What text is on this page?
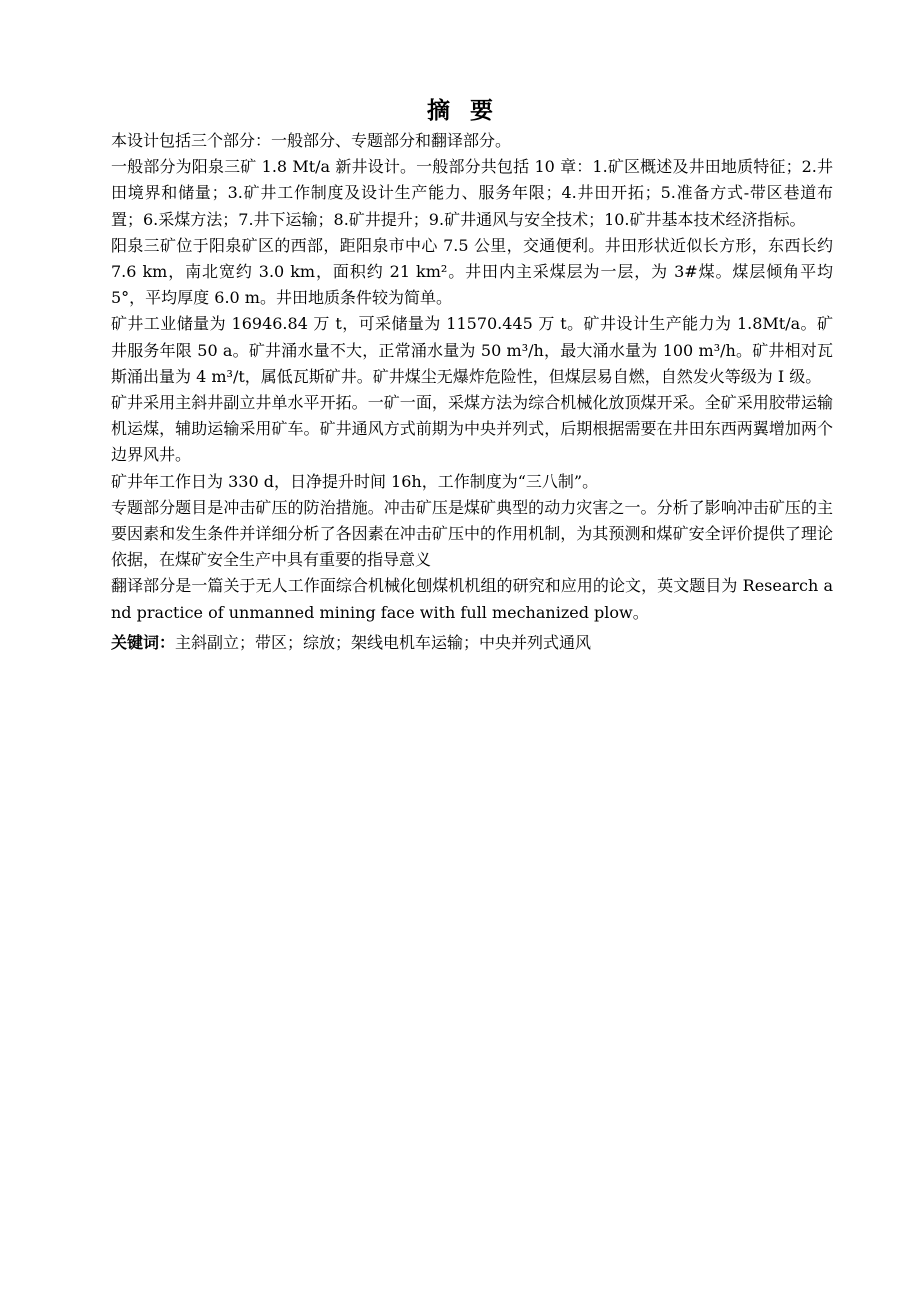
摘要

本设计包括三个部分：一般部分、专题部分和翻译部分。

一般部分为阳泉三矿 1.8 Mt/a 新井设计。一般部分共包括 10 章：1.矿区概述及井田地质特征；2.井田境界和储量；3.矿井工作制度及设计生产能力、服务年限；4.井田开拓；5.准备方式-带区巷道布置；6.采煤方法；7.井下运输；8.矿井提升；9.矿井通风与安全技术；10.矿井基本技术经济指标。

阳泉三矿位于阳泉矿区的西部，距阳泉市中心 7.5 公里，交通便利。井田形状近似长方形，东西长约 7.6 km，南北宽约 3.0 km，面积约 21 km²。井田内主采煤层为一层，为 3#煤。煤层倾角平均 5°，平均厚度 6.0 m。井田地质条件较为简单。

矿井工业储量为 16946.84 万 t，可采储量为 11570.445 万 t。矿井设计生产能力为 1.8Mt/a。矿井服务年限 50 a。矿井涌水量不大，正常涌水量为 50 m³/h，最大涌水量为 100 m³/h。矿井相对瓦斯涌出量为 4 m³/t，属低瓦斯矿井。矿井煤尘无爆炸危险性，但煤层易自燃，自然发火等级为 I 级。

矿井采用主斜井副立井单水平开拓。一矿一面，采煤方法为综合机械化放顶煤开采。全矿采用胶带运输机运煤，辅助运输采用矿车。矿井通风方式前期为中央并列式，后期根据需要在井田东西两翼增加两个边界风井。

矿井年工作日为 330 d，日净提升时间 16h，工作制度为“三八制”。

专题部分题目是冲击矿压的防治措施。冲击矿压是煤矿典型的动力灾害之一。分析了影响冲击矿压的主要因素和发生条件并详细分析了各因素在冲击矿压中的作用机制，为其预测和煤矿安全评价提供了理论依据，在煤矿安全生产中具有重要的指导意义

翻译部分是一篇关于无人工作面综合机械化刨煤机机组的研究和应用的论文，英文题目为 Research and practice of unmanned mining face with full mechanized plow。

关键词：主斜副立；带区；综放；架线电机车运输；中央并列式通风
